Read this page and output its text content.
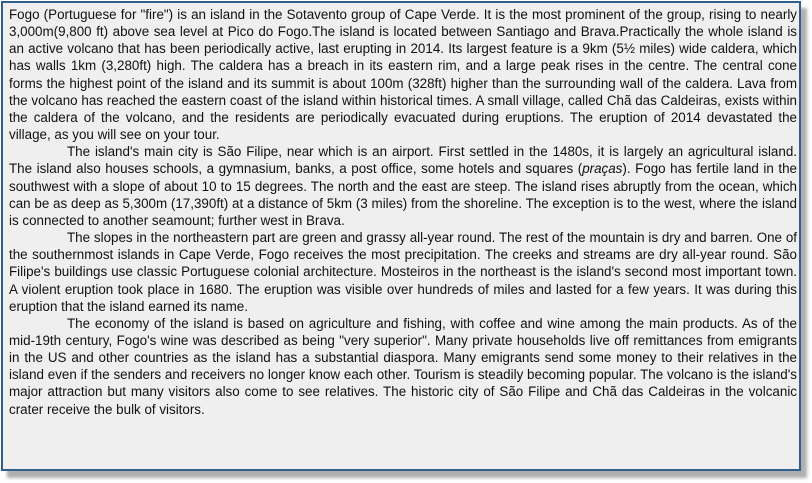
Fogo (Portuguese for "fire") is an island in the Sotavento group of Cape Verde. It is the most prominent of the group, rising to nearly 3,000m(9,800 ft) above sea level at Pico do Fogo.The island is located between Santiago and Brava.Practically the whole island is an active volcano that has been periodically active, last erupting in 2014. Its largest feature is a 9km (5½ miles) wide caldera, which has walls 1km (3,280ft) high. The caldera has a breach in its eastern rim, and a large peak rises in the centre. The central cone forms the highest point of the island and its summit is about 100m (328ft) higher than the surrounding wall of the caldera. Lava from the volcano has reached the eastern coast of the island within historical times. A small village, called Chã das Caldeiras, exists within the caldera of the volcano, and the residents are periodically evacuated during eruptions. The eruption of 2014 devastated the village, as you will see on your tour.

The island's main city is São Filipe, near which is an airport. First settled in the 1480s, it is largely an agricultural island. The island also houses schools, a gymnasium, banks, a post office, some hotels and squares (praças). Fogo has fertile land in the southwest with a slope of about 10 to 15 degrees. The north and the east are steep. The island rises abruptly from the ocean, which can be as deep as 5,300m (17,390ft) at a distance of 5km (3 miles) from the shoreline. The exception is to the west, where the island is connected to another seamount; further west in Brava.

The slopes in the northeastern part are green and grassy all-year round. The rest of the mountain is dry and barren. One of the southernmost islands in Cape Verde, Fogo receives the most precipitation. The creeks and streams are dry all-year round. São Filipe's buildings use classic Portuguese colonial architecture. Mosteiros in the northeast is the island's second most important town. A violent eruption took place in 1680. The eruption was visible over hundreds of miles and lasted for a few years. It was during this eruption that the island earned its name.

The economy of the island is based on agriculture and fishing, with coffee and wine among the main products. As of the mid-19th century, Fogo's wine was described as being "very superior". Many private households live off remittances from emigrants in the US and other countries as the island has a substantial diaspora. Many emigrants send some money to their relatives in the island even if the senders and receivers no longer know each other. Tourism is steadily becoming popular. The volcano is the island's major attraction but many visitors also come to see relatives. The historic city of São Filipe and Chã das Caldeiras in the volcanic crater receive the bulk of visitors.
